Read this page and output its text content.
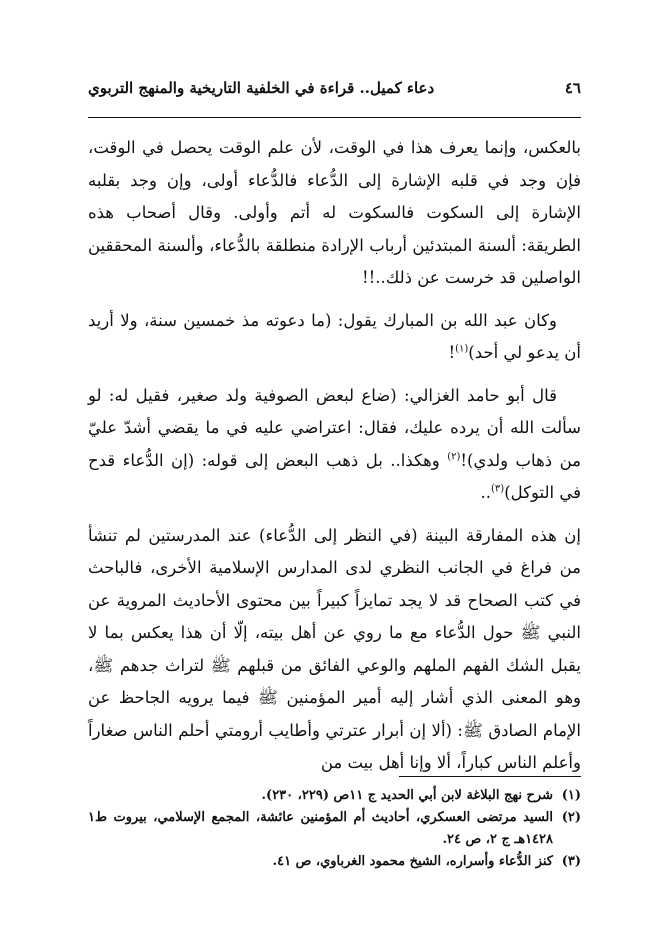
٤٦
دعاء كميل.. قراءة في الخلفية التاريخية والمنهج التربوي

بالعكس، وإنما يعرف هذا في الوقت، لأن علم الوقت يحصل في الوقت، فإن وجد في قلبه الإشارة إلى الدُّعاء فالدُّعاء أولى، وإن وجد بقلبه الإشارة إلى السكوت فالسكوت له أتم وأولى. وقال أصحاب هذه الطريقة: ألسنة المبتدئين أرباب الإرادة منطلقة بالدُّعاء، وألسنة المحققين الواصلين قد خرست عن ذلك..!!

وكان عبد الله بن المبارك يقول: (ما دعوته مذ خمسين سنة، ولا أريد أن يدعو لي أحد)$^{(١)}$!

قال أبو حامد الغزالي: (ضاع لبعض الصوفية ولد صغير، فقيل له: لو سألت الله أن يرده عليك، فقال: اعتراضي عليه في ما يقضي أشدّ عليّ من ذهاب ولدي)!$^{(٢)}$ وهكذا.. بل ذهب البعض إلى قوله: (إن الدُّعاء قدح في التوكل)$^{(٣)}$..

إن هذه المفارقة البينة (في النظر إلى الدُّعاء) عند المدرستين لم تنشأ من فراغ في الجانب النظري لدى المدارس الإسلامية الأخرى، فالباحث في كتب الصحاح قد لا يجد تمايزاً كبيراً بين محتوى الأحاديث المروية عن النبي ﷺ حول الدُّعاء مع ما روي عن أهل بيته، إلّا أن هذا يعكس بما لا يقبل الشك الفهم الملهم والوعي الفائق من قبلهم ﷺ لتراث جدهم ﷺ، وهو المعنى الذي أشار إليه أمير المؤمنين ﷺ فيما يرويه الجاحظ عن الإمام الصادق ﷺ: (ألا إن أبرار عترتي وأطايب أرومتي أحلم الناس صغاراً وأعلم الناس كباراً، ألا وإنا أهل بيت من

(١)
شرح نهج البلاغة لابن أبي الحديد ج ١١ص (٢٢٩، ٢٣٠).
(٢)
السيد مرتضى العسكري، أحاديث أم المؤمنين عائشة، المجمع الإسلامي، بيروت ط١ ١٤٢٨هـ ج ٢، ص ٢٤.
(٣)
كنز الدُّعاء وأسراره، الشيخ محمود الغرباوي، ص ٤١.
